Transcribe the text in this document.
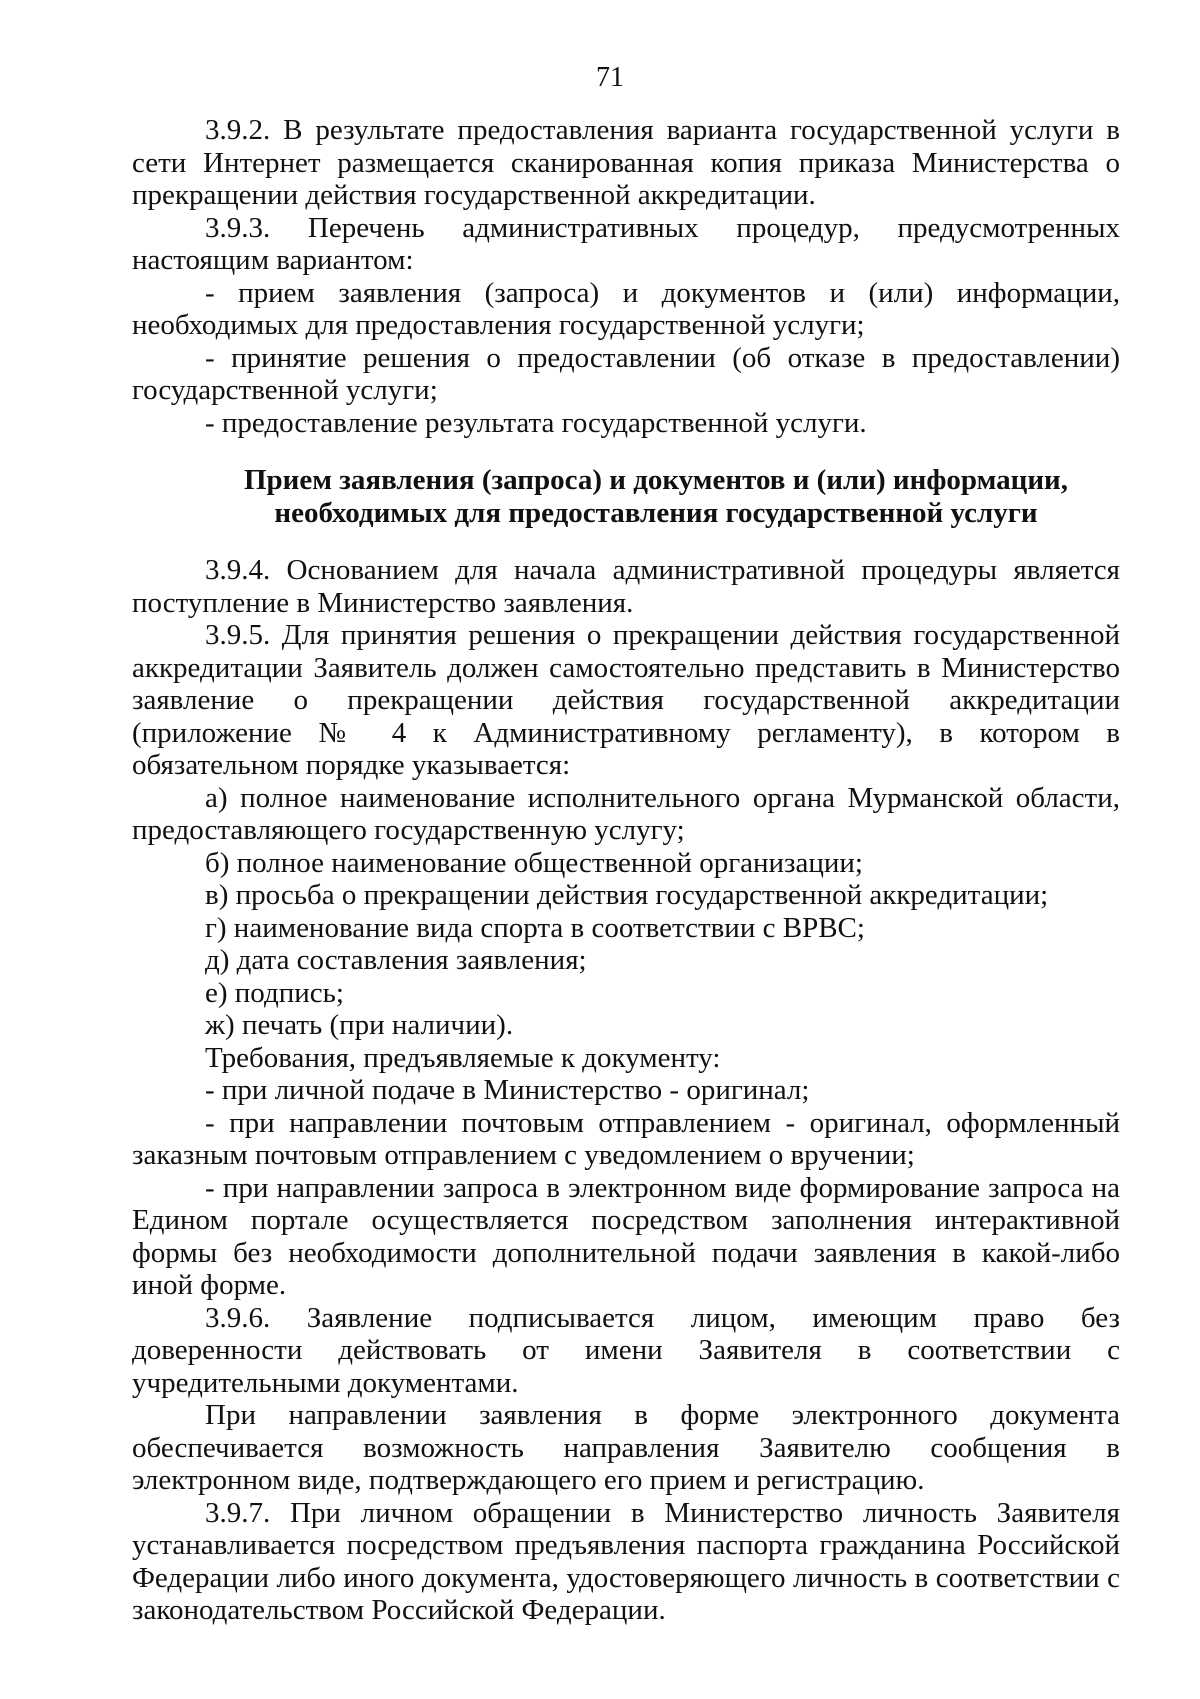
71

3.9.2. В результате предоставления варианта государственной услуги в сети Интернет размещается сканированная копия приказа Министерства о прекращении действия государственной аккредитации.

3.9.3. Перечень административных процедур, предусмотренных настоящим вариантом:

- прием заявления (запроса) и документов и (или) информации, необходимых для предоставления государственной услуги;

- принятие решения о предоставлении (об отказе в предоставлении) государственной услуги;

- предоставление результата государственной услуги.

Прием заявления (запроса) и документов и (или) информации,
необходимых для предоставления государственной услуги

3.9.4. Основанием для начала административной процедуры является поступление в Министерство заявления.

3.9.5. Для принятия решения о прекращении действия государственной аккредитации Заявитель должен самостоятельно представить в Министерство заявление о прекращении действия государственной аккредитации (приложение № 4 к Административному регламенту), в котором в обязательном порядке указывается:

а) полное наименование исполнительного органа Мурманской области, предоставляющего государственную услугу;

б) полное наименование общественной организации;

в) просьба о прекращении действия государственной аккредитации;

г) наименование вида спорта в соответствии с ВРВС;

д) дата составления заявления;

е) подпись;

ж) печать (при наличии).

Требования, предъявляемые к документу:

- при личной подаче в Министерство - оригинал;

- при направлении почтовым отправлением - оригинал, оформленный заказным почтовым отправлением с уведомлением о вручении;

- при направлении запроса в электронном виде формирование запроса на Едином портале осуществляется посредством заполнения интерактивной формы без необходимости дополнительной подачи заявления в какой-либо иной форме.

3.9.6. Заявление подписывается лицом, имеющим право без доверенности действовать от имени Заявителя в соответствии с учредительными документами.

При направлении заявления в форме электронного документа обеспечивается возможность направления Заявителю сообщения в электронном виде, подтверждающего его прием и регистрацию.

3.9.7. При личном обращении в Министерство личность Заявителя устанавливается посредством предъявления паспорта гражданина Российской Федерации либо иного документа, удостоверяющего личность в соответствии с законодательством Российской Федерации.
